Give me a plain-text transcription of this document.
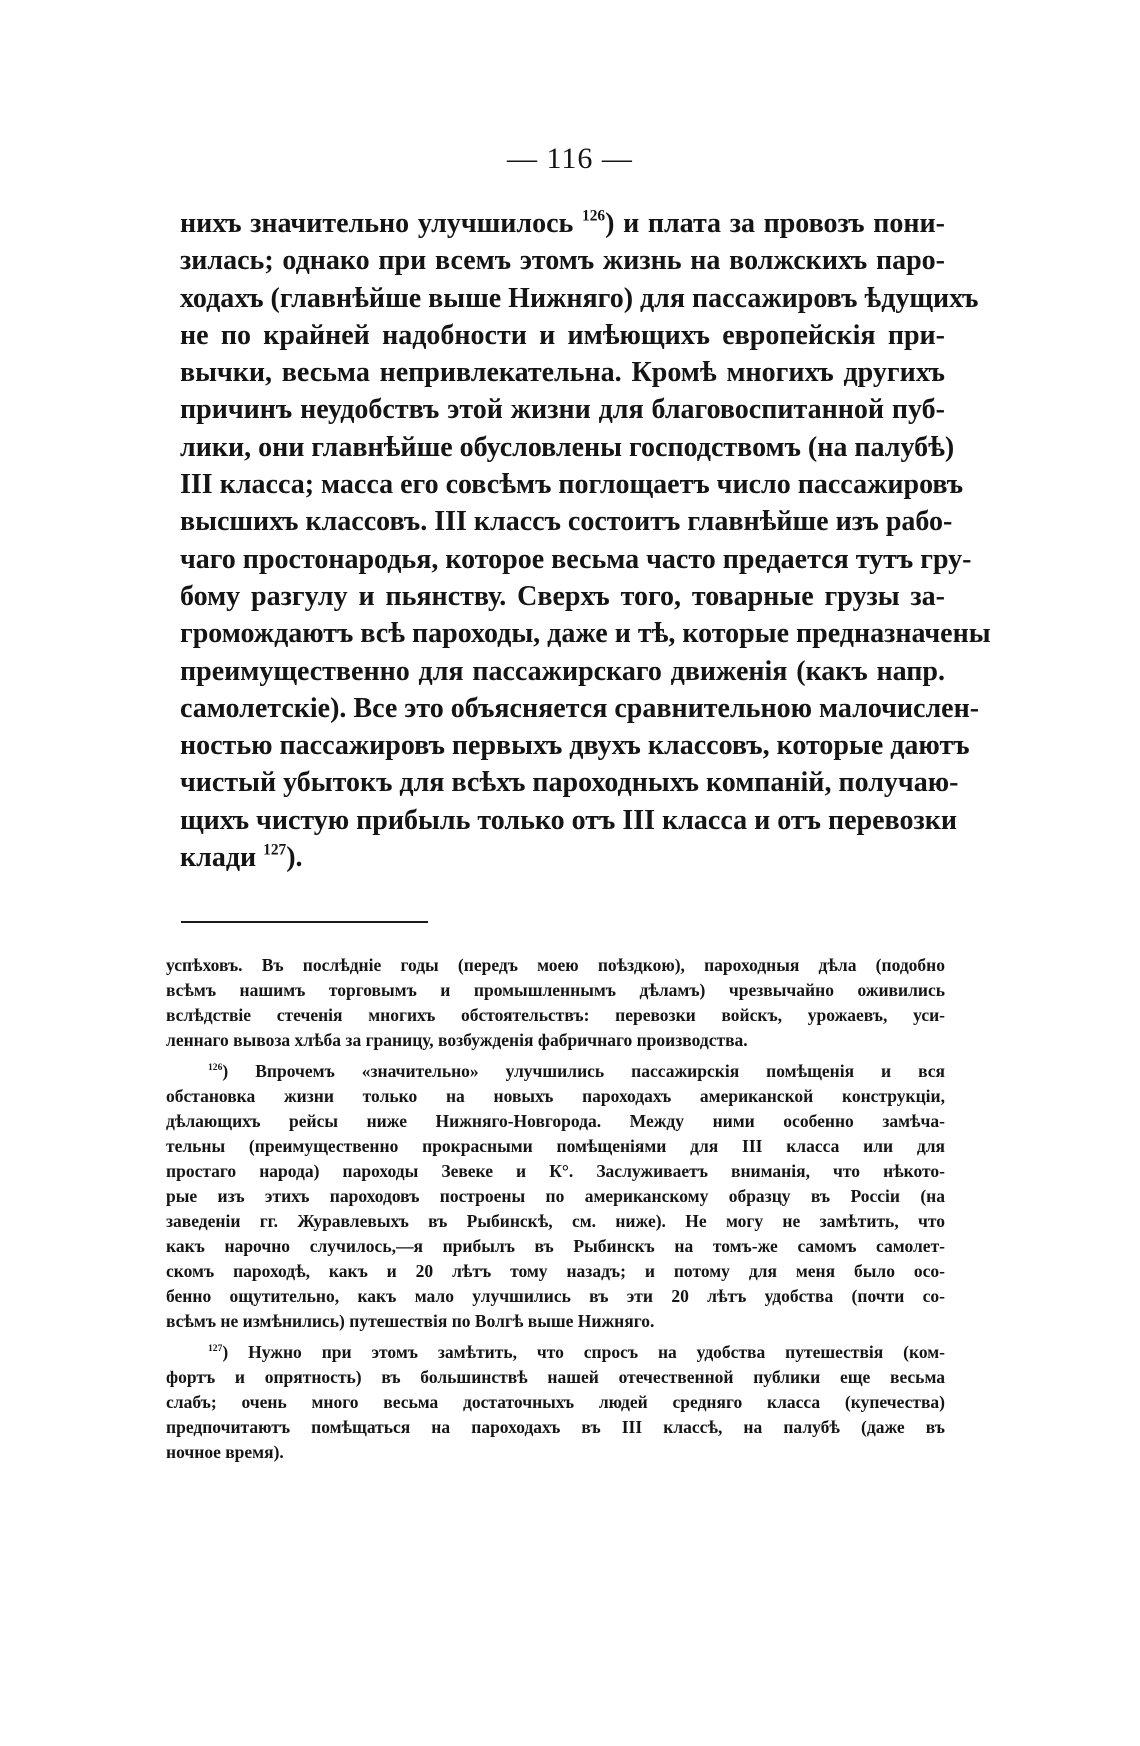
— 116 —
нихъ значительно улучшилось $^{126}$) и плата за провозъ пони-
зилась; однако при всемъ этомъ жизнь на волжскихъ паро-
ходахъ (главнѣйше выше Нижняго) для пассажировъ ѣдущихъ
не по крайней надобности и имѣющихъ европейскія при-
вычки, весьма непривлекательна. Кромѣ многихъ другихъ
причинъ неудобствъ этой жизни для благовоспитанной пуб-
лики, они главнѣйше обусловлены господствомъ (на палубѣ)
III класса; масса его совсѣмъ поглощаетъ число пассажировъ
высшихъ классовъ. III классъ состоитъ главнѣйше изъ рабо-
чаго простонародья, которое весьма часто предается тутъ гру-
бому разгулу и пьянству. Сверхъ того, товарные грузы за-
громождаютъ всѣ пароходы, даже и тѣ, которые предназначены
преимущественно для пассажирскаго движенія (какъ напр.
самолетскіе). Все это объясняется сравнительною малочислен-
ностью пассажировъ первыхъ двухъ классовъ, которые даютъ
чистый убытокъ для всѣхъ пароходныхъ компаній, получаю-
щихъ чистую прибыль только отъ III класса и отъ перевозки
клади $^{127}$).
успѣховъ. Въ послѣдніе годы (передъ моею поѣздкою), пароходныя дѣла (подобно
всѣмъ нашимъ торговымъ и промышленнымъ дѣламъ) чрезвычайно оживились
вслѣдствіе стеченія многихъ обстоятельствъ: перевозки войскъ, урожаевъ, уси-
леннаго вывоза хлѣба за границу, возбужденія фабричнаго производства.
$^{126}$) Впрочемъ «значительно» улучшились пассажирскія помѣщенія и вся
обстановка жизни только на новыхъ пароходахъ американской конструкціи,
дѣлающихъ рейсы ниже Нижняго-Новгорода. Между ними особенно замѣча-
тельны (преимущественно прокрасными помѣщеніями для III класса или для
простаго народа) пароходы Зевеке и К°. Заслуживаетъ вниманія, что нѣкото-
рые изъ этихъ пароходовъ построены по американскому образцу въ Россіи (на
заведеніи гг. Журавлевыхъ въ Рыбинскѣ, см. ниже). Не могу не замѣтить, что
какъ нарочно случилось,—я прибылъ въ Рыбинскъ на томъ-же самомъ самолет-
скомъ пароходѣ, какъ и 20 лѣтъ тому назадъ; и потому для меня было осо-
бенно ощутительно, какъ мало улучшились въ эти 20 лѣтъ удобства (почти со-
всѣмъ не измѣнились) путешествія по Волгѣ выше Нижняго.
$^{127}$) Нужно при этомъ замѣтить, что спросъ на удобства путешествія (ком-
фортъ и опрятность) въ большинствѣ нашей отечественной публики еще весьма
слабъ; очень много весьма достаточныхъ людей средняго класса (купечества)
предпочитаютъ помѣщаться на пароходахъ въ III классѣ, на палубѣ (даже въ
ночное время).
